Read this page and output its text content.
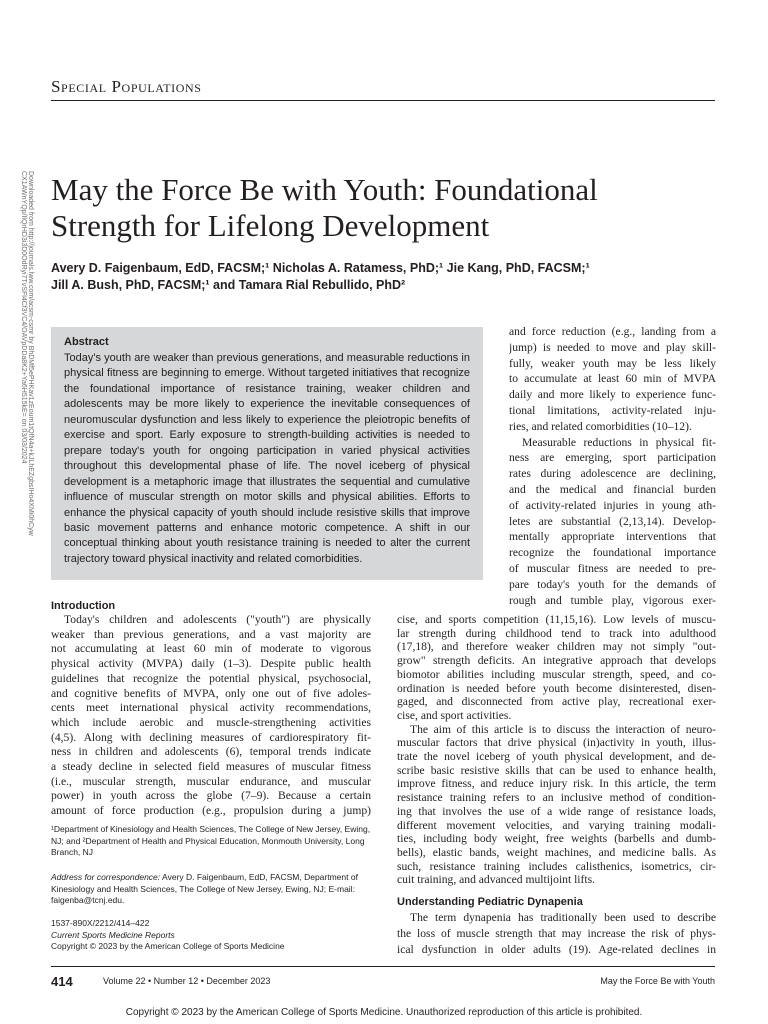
Special Populations
Downloaded from http://journals.lww.com/acsm-csmr by BhDMf5ePHKav1zEoum1tQfN4a+kJLhEZgbsIHo4XMi0hCyw
CX1AWnYQp/IlQrHD3i3D0OdRyi7TvSFl4Cf3VC4/OAVpDDa8K2+Ya6H515kE= on 03/03/2024 May the Force Be with Youth: Foundational
Strength for Lifelong Development
Avery D. Faigenbaum, EdD, FACSM;¹ Nicholas A. Ratamess, PhD;¹ Jie Kang, PhD, FACSM;¹
Jill A. Bush, PhD, FACSM;¹ and Tamara Rial Rebullido, PhD²
Abstract
Today's youth are weaker than previous generations, and measurable reductions in physical fitness are beginning to emerge. Without targeted initiatives that recognize the foundational importance of resistance training, weaker children and adolescents may be more likely to experience the inevitable consequences of neuromuscular dysfunction and less likely to experience the pleiotropic benefits of exercise and sport. Early exposure to strength-building activities is needed to prepare today's youth for ongoing participation in varied physical activities throughout this developmental phase of life. The novel iceberg of physical development is a metaphoric image that illustrates the sequential and cumulative influence of muscular strength on motor skills and physical abilities. Efforts to enhance the physical capacity of youth should include resistive skills that improve basic movement patterns and enhance motoric competence. A shift in our conceptual thinking about youth resistance training is needed to alter the current trajectory toward physical inactivity and related comorbidities.
and force reduction (e.g., landing from a
jump) is needed to move and play skill-
fully, weaker youth may be less likely
to accumulate at least 60 min of MVPA
daily and more likely to experience func-
tional limitations, activity-related inju-
ries, and related comorbidities (10–12).
Measurable reductions in physical fit-
ness are emerging, sport participation
rates during adolescence are declining,
and the medical and financial burden
of activity-related injuries in young ath-
letes are substantial (2,13,14). Develop-
mentally appropriate interventions that
recognize the foundational importance
of muscular fitness are needed to pre-
pare today's youth for the demands of
rough and tumble play, vigorous exer-
cise, and sports competition (11,15,16). Low levels of muscu-
lar strength during childhood tend to track into adulthood
(17,18), and therefore weaker children may not simply "out-
grow" strength deficits. An integrative approach that develops
biomotor abilities including muscular strength, speed, and co-
ordination is needed before youth become disinterested, disen-
gaged, and disconnected from active play, recreational exer-
cise, and sport activities.
The aim of this article is to discuss the interaction of neuro-
muscular factors that drive physical (in)activity in youth, illus-
trate the novel iceberg of youth physical development, and de-
scribe basic resistive skills that can be used to enhance health,
improve fitness, and reduce injury risk. In this article, the term
resistance training refers to an inclusive method of condition-
ing that involves the use of a wide range of resistance loads,
different movement velocities, and varying training modali-
ties, including body weight, free weights (barbells and dumb-
bells), elastic bands, weight machines, and medicine balls. As
such, resistance training includes calisthenics, isometrics, cir-
cuit training, and advanced multijoint lifts.
Understanding Pediatric Dynapenia
The term dynapenia has traditionally been used to describe
the loss of muscle strength that may increase the risk of phys-
ical dysfunction in older adults (19). Age-related declines in
Introduction
Today's children and adolescents ("youth") are physically
weaker than previous generations, and a vast majority are
not accumulating at least 60 min of moderate to vigorous
physical activity (MVPA) daily (1–3). Despite public health
guidelines that recognize the potential physical, psychosocial,
and cognitive benefits of MVPA, only one out of five adoles-
cents meet international physical activity recommendations,
which include aerobic and muscle-strengthening activities
(4,5). Along with declining measures of cardiorespiratory fit-
ness in children and adolescents (6), temporal trends indicate
a steady decline in selected field measures of muscular fitness
(i.e., muscular strength, muscular endurance, and muscular
power) in youth across the globe (7–9). Because a certain
amount of force production (e.g., propulsion during a jump)
¹Department of Kinesiology and Health Sciences, The College of New Jersey, Ewing, NJ; and ²Department of Health and Physical Education, Monmouth University, Long Branch, NJ
Address for correspondence: Avery D. Faigenbaum, EdD, FACSM, Department of Kinesiology and Health Sciences, The College of New Jersey, Ewing, NJ; E-mail: faigenba@tcnj.edu.
1537-890X/2212/414–422
Current Sports Medicine Reports
Copyright © 2023 by the American College of Sports Medicine
414	Volume 22 • Number 12 • December 2023	May the Force Be with Youth
Copyright © 2023 by the American College of Sports Medicine. Unauthorized reproduction of this article is prohibited.
